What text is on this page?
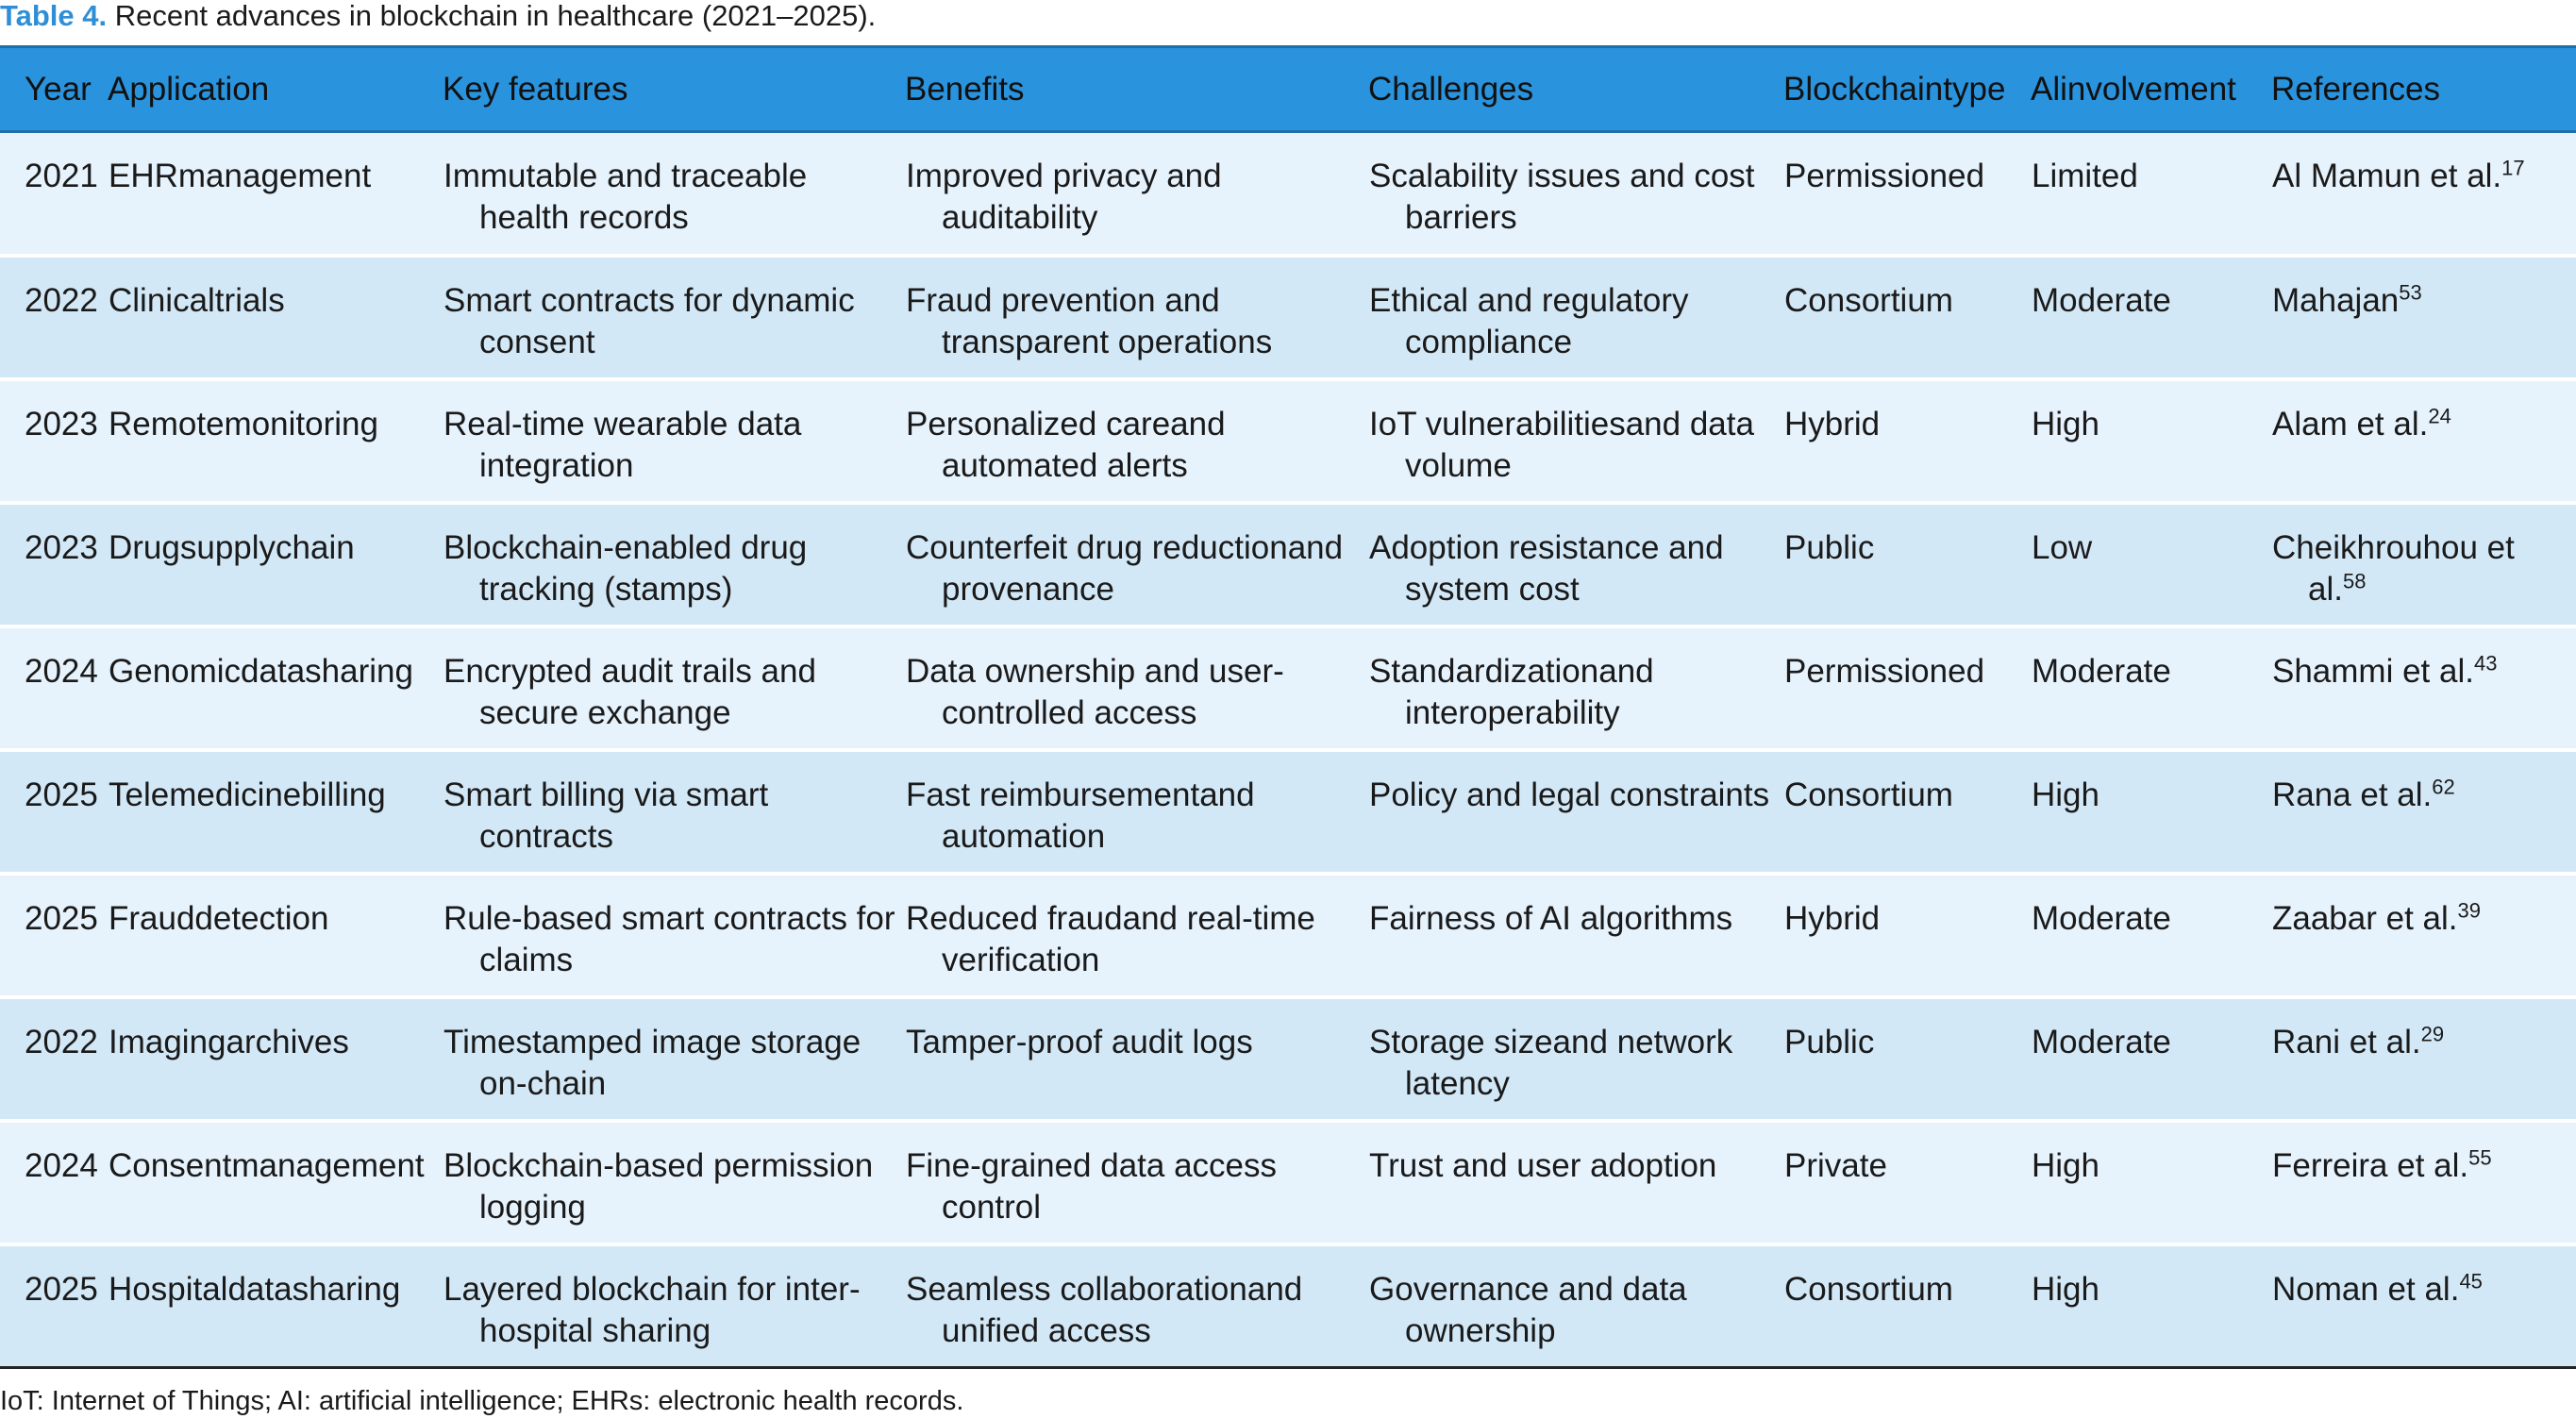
Table 4. Recent advances in blockchain in healthcare (2021–2025).
Year	Application	Key features	Benefits	Challenges	Blockchaintype	Alinvolvement	References
2021	EHRmanagement	Immutable and traceable health records	Improved privacy and auditability	Scalability issues and cost barriers	Permissioned	Limited	Al Mamun et al.$^{17}$

2022	Clinicaltrials	Smart contracts for dynamic consent	Fraud prevention and transparent operations	Ethical and regulatory compliance	Consortium	Moderate	Mahajan$^{53}$

2023	Remotemonitoring	Real-time wearable data integration	Personalized careand automated alerts	IoT vulnerabilitiesand data volume	Hybrid	High	Alam et al.$^{24}$

2023	Drugsupplychain	Blockchain-enabled drug tracking (stamps)	Counterfeit drug reductionand provenance	Adoption resistance and system cost	Public	Low	Cheikhrouhou et al.$^{58}$

2024	Genomicdatasharing	Encrypted audit trails and secure exchange	Data ownership and user-controlled access	Standardizationand interoperability	Permissioned	Moderate	Shammi et al.$^{43}$

2025	Telemedicinebilling	Smart billing via smart contracts	Fast reimbursementand automation	Policy and legal constraints	Consortium	High	Rana et al.$^{62}$

2025	Frauddetection	Rule-based smart contracts for claims	Reduced fraudand real-time verification	Fairness of AI algorithms	Hybrid	Moderate	Zaabar et al.$^{39}$

2022	Imagingarchives	Timestamped image storage on-chain	Tamper-proof audit logs	Storage sizeand network latency	Public	Moderate	Rani et al.$^{29}$

2024	Consentmanagement	Blockchain-based permission logging	Fine-grained data access control	Trust and user adoption	Private	High	Ferreira et al.$^{55}$

2025	Hospitaldatasharing	Layered blockchain for inter-hospital sharing	Seamless collaborationand unified access	Governance and data ownership	Consortium	High	Noman et al.$^{45}$
IoT: Internet of Things; AI: artificial intelligence; EHRs: electronic health records.
